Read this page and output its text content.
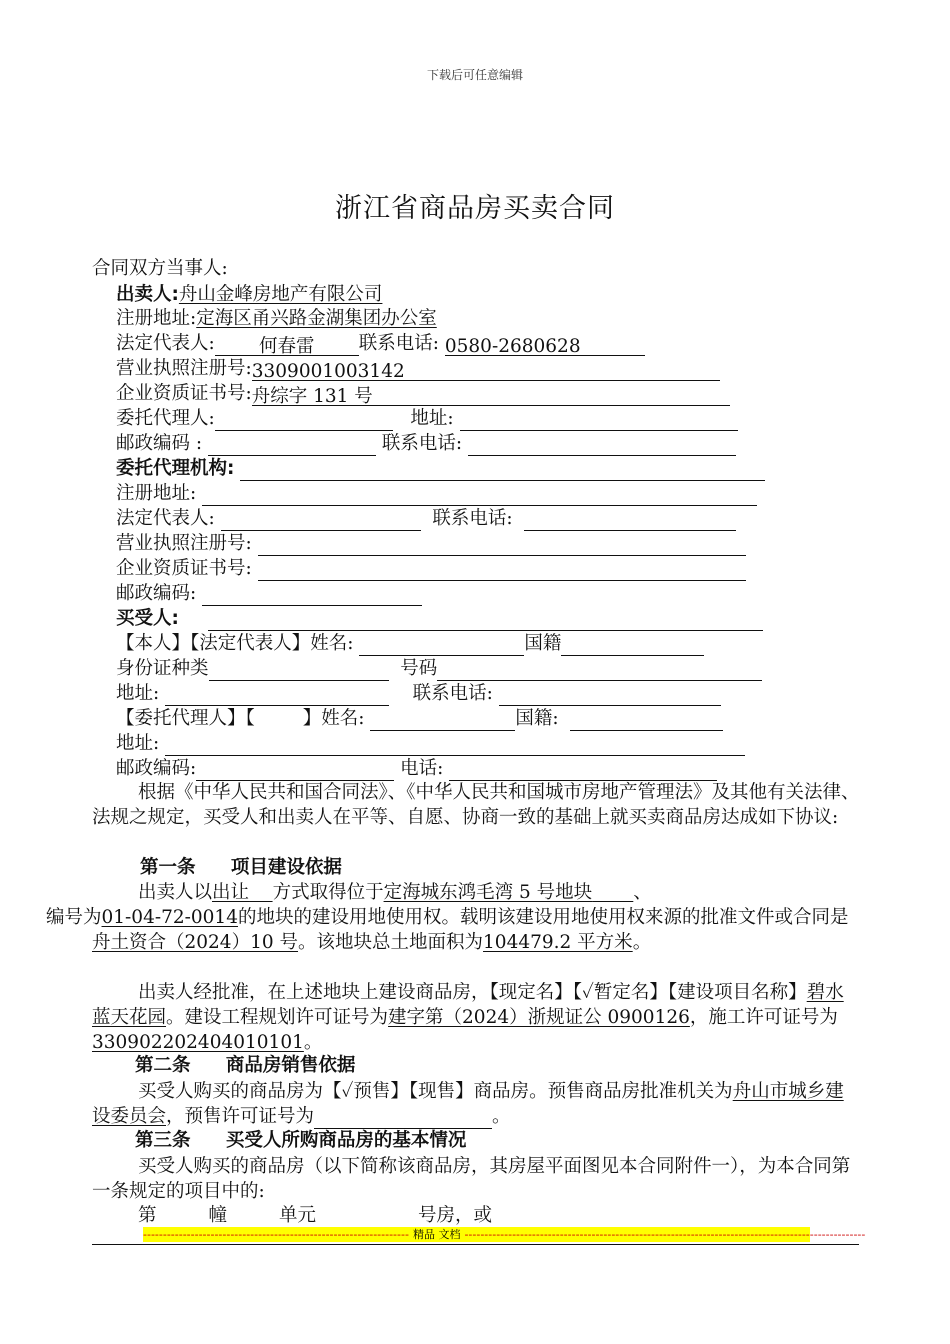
下载后可任意编辑
浙江省商品房买卖合同
合同双方当事人:
出卖人:舟山金峰房地产有限公司
注册地址:定海区甬兴路金湖集团办公室
法定代表人: 何春雷 联系电话: 0580-2680628
营业执照注册号:3309001003142
企业资质证书号:舟综字 131 号
委托代理人:	地址:
邮政编码 :	联系电话:
委托代理机构:
注册地址:
法定代表人:	联系电话:
营业执照注册号:
企业资质证书号:
邮政编码:
买受人:
【本人】【法定代表人】姓名:	国籍
身份证种类	号码
地址:	联系电话:
【委托代理人】【	】姓名:	国籍:
地址:
邮政编码:	电话:
根据《中华人民共和国合同法》、《中华人民共和国城市房地产管理法》及其他有关法律、法规之规定，买受人和出卖人在平等、自愿、协商一致的基础上就买卖商品房达成如下协议:
第一条 项目建设依据
出卖人以出让 方式取得位于定海城东鸿毛湾 5 号地块 、
编号为01-04-72-0014的地块的建设用地使用权。载明该建设用地使用权来源的批准文件或合同是舟土资合（2024）10 号。该地块总土地面积为104479.2 平方米。
出卖人经批准，在上述地块上建设商品房，【现定名】【✓暂定名】【建设项目名称】碧水蓝天花园。建设工程规划许可证号为建字第（2024）浙规证公 0900126，施工许可证号为330902202404010101。
第二条 商品房销售依据
买受人购买的商品房为【✓预售】【现售】商品房。预售商品房批准机关为舟山市城乡建设委员会，预售许可证号为	。
第三条 买受人所购商品房的基本情况
买受人购买的商品房（以下简称该商品房，其房屋平面图见本合同附件一），为本合同第一条规定的项目中的:
第	幢	单元	号房，或
------------------------------------------------------------------- 精品 文档 -----------------------------------------------------------------------------------------------------
